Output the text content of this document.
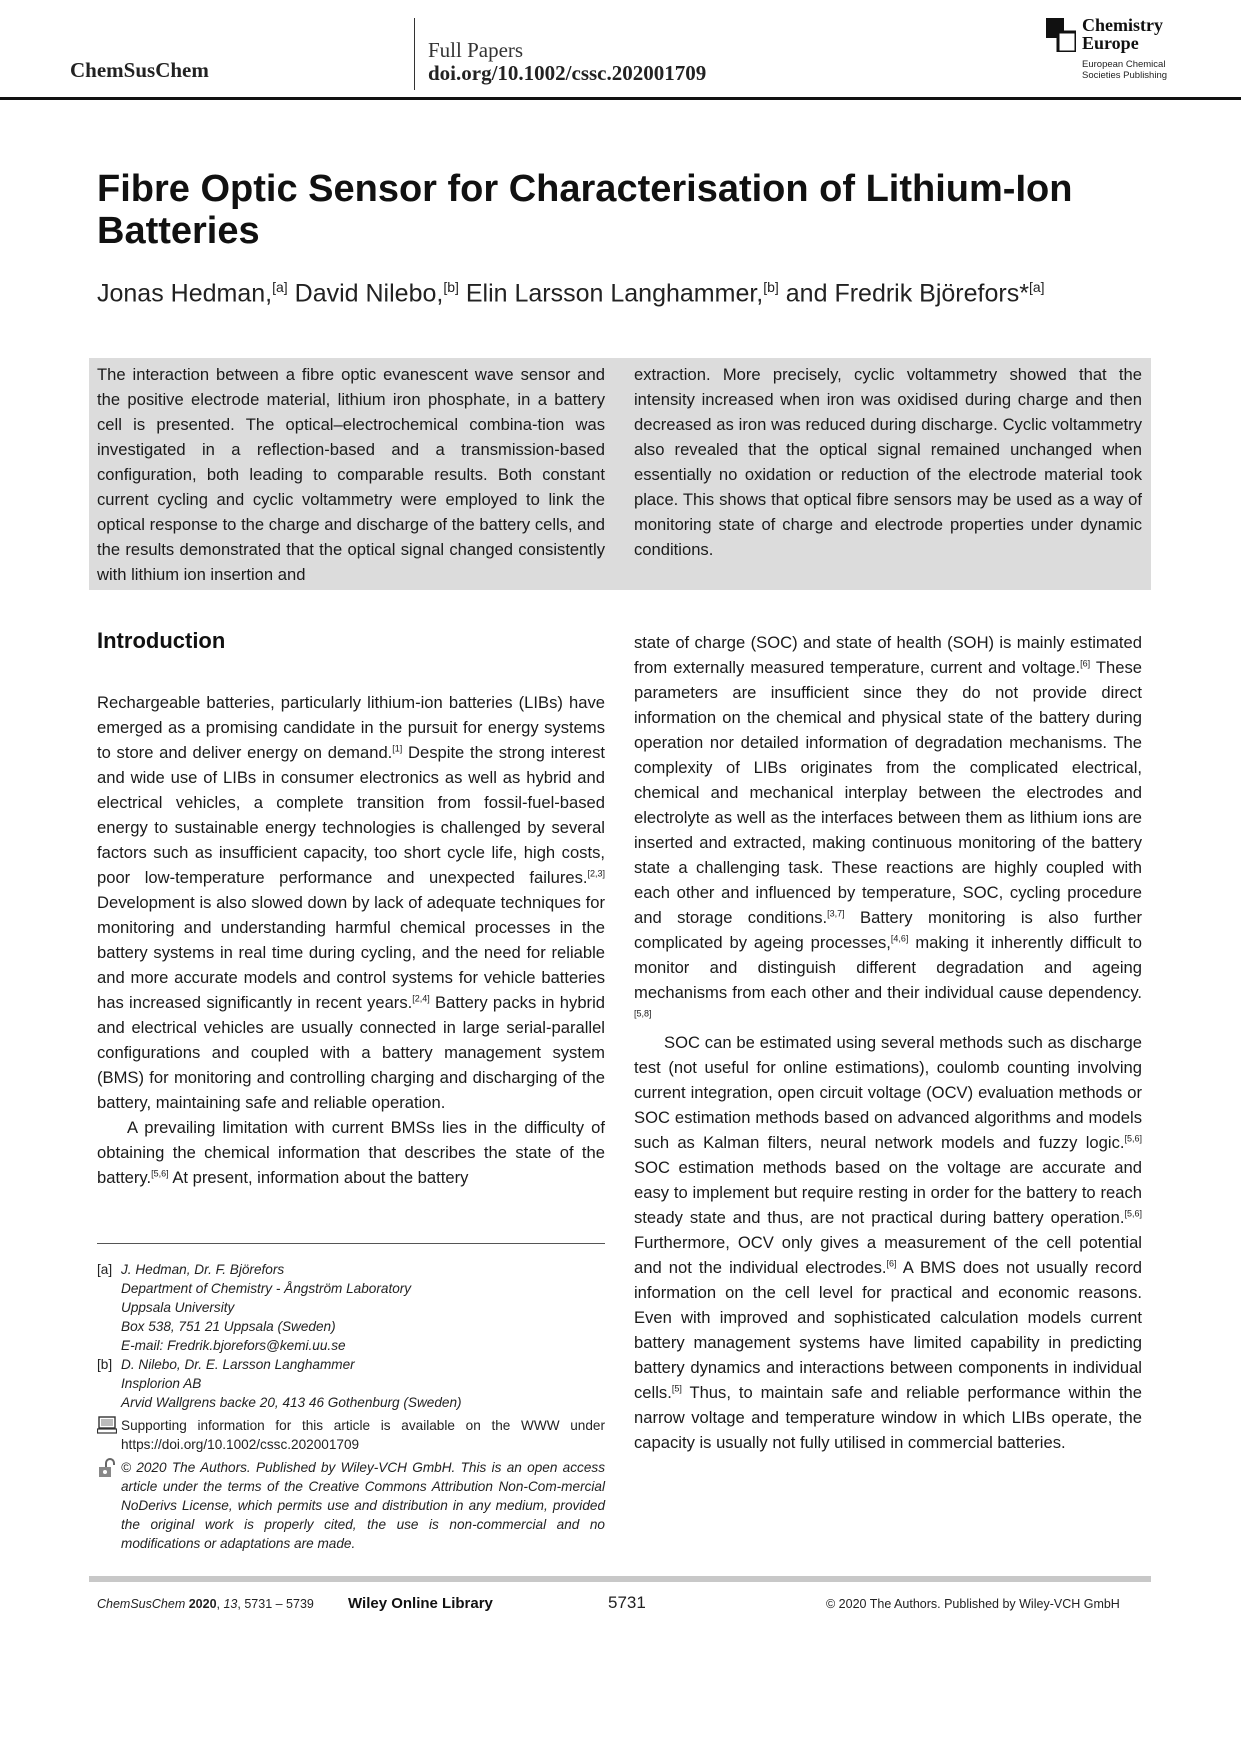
ChemSusChem
Full Papers
doi.org/10.1002/cssc.202001709
Chemistry
Europe
European Chemical
Societies Publishing
Fibre Optic Sensor for Characterisation of Lithium-Ion Batteries
Jonas Hedman,[a] David Nilebo,[b] Elin Larsson Langhammer,[b] and Fredrik Björefors*[a]
The interaction between a fibre optic evanescent wave sensor and the positive electrode material, lithium iron phosphate, in a battery cell is presented. The optical–electrochemical combina-tion was investigated in a reflection-based and a transmission-based configuration, both leading to comparable results. Both constant current cycling and cyclic voltammetry were employed to link the optical response to the charge and discharge of the battery cells, and the results demonstrated that the optical signal changed consistently with lithium ion insertion and
extraction. More precisely, cyclic voltammetry showed that the intensity increased when iron was oxidised during charge and then decreased as iron was reduced during discharge. Cyclic voltammetry also revealed that the optical signal remained unchanged when essentially no oxidation or reduction of the electrode material took place. This shows that optical fibre sensors may be used as a way of monitoring state of charge and electrode properties under dynamic conditions.
Introduction

Rechargeable batteries, particularly lithium-ion batteries (LIBs) have emerged as a promising candidate in the pursuit for energy systems to store and deliver energy on demand.[1] Despite the strong interest and wide use of LIBs in consumer electronics as well as hybrid and electrical vehicles, a complete transition from fossil-fuel-based energy to sustainable energy technologies is challenged by several factors such as insufficient capacity, too short cycle life, high costs, poor low-temperature performance and unexpected failures.[2,3] Development is also slowed down by lack of adequate techniques for monitoring and understanding harmful chemical processes in the battery systems in real time during cycling, and the need for reliable and more accurate models and control systems for vehicle batteries has increased significantly in recent years.[2,4] Battery packs in hybrid and electrical vehicles are usually connected in large serial-parallel configurations and coupled with a battery management system (BMS) for monitoring and controlling charging and discharging of the battery, maintaining safe and reliable operation.

A prevailing limitation with current BMSs lies in the difficulty of obtaining the chemical information that describes the state of the battery.[5,6] At present, information about the battery

state of charge (SOC) and state of health (SOH) is mainly estimated from externally measured temperature, current and voltage.[6] These parameters are insufficient since they do not provide direct information on the chemical and physical state of the battery during operation nor detailed information of degradation mechanisms. The complexity of LIBs originates from the complicated electrical, chemical and mechanical interplay between the electrodes and electrolyte as well as the interfaces between them as lithium ions are inserted and extracted, making continuous monitoring of the battery state a challenging task. These reactions are highly coupled with each other and influenced by temperature, SOC, cycling procedure and storage conditions.[3,7] Battery monitoring is also further complicated by ageing processes,[4,6] making it inherently difficult to monitor and distinguish different degradation and ageing mechanisms from each other and their individual cause dependency.[5,8]

SOC can be estimated using several methods such as discharge test (not useful for online estimations), coulomb counting involving current integration, open circuit voltage (OCV) evaluation methods or SOC estimation methods based on advanced algorithms and models such as Kalman filters, neural network models and fuzzy logic.[5,6] SOC estimation methods based on the voltage are accurate and easy to implement but require resting in order for the battery to reach steady state and thus, are not practical during battery operation.[5,6] Furthermore, OCV only gives a measurement of the cell potential and not the individual electrodes.[6] A BMS does not usually record information on the cell level for practical and economic reasons. Even with improved and sophisticated calculation models current battery management systems have limited capability in predicting battery dynamics and interactions between components in individual cells.[5] Thus, to maintain safe and reliable performance within the narrow voltage and temperature window in which LIBs operate, the capacity is usually not fully utilised in commercial batteries.

[a] J. Hedman, Dr. F. Björefors
Department of Chemistry - Ångström Laboratory
Uppsala University
Box 538, 751 21 Uppsala (Sweden)
E-mail: Fredrik.bjorefors@kemi.uu.se
[b] D. Nilebo, Dr. E. Larsson Langhammer
Insplorion AB
Arvid Wallgrens backe 20, 413 46 Gothenburg (Sweden)
Supporting information for this article is available on the WWW under https://doi.org/10.1002/cssc.202001709
© 2020 The Authors. Published by Wiley-VCH GmbH. This is an open access article under the terms of the Creative Commons Attribution Non-Com-mercial NoDerivs License, which permits use and distribution in any medium, provided the original work is properly cited, the use is non-commercial and no modifications or adaptations are made.
ChemSusChem 2020, 13, 5731 – 5739 Wiley Online Library	5731	© 2020 The Authors. Published by Wiley-VCH GmbH
